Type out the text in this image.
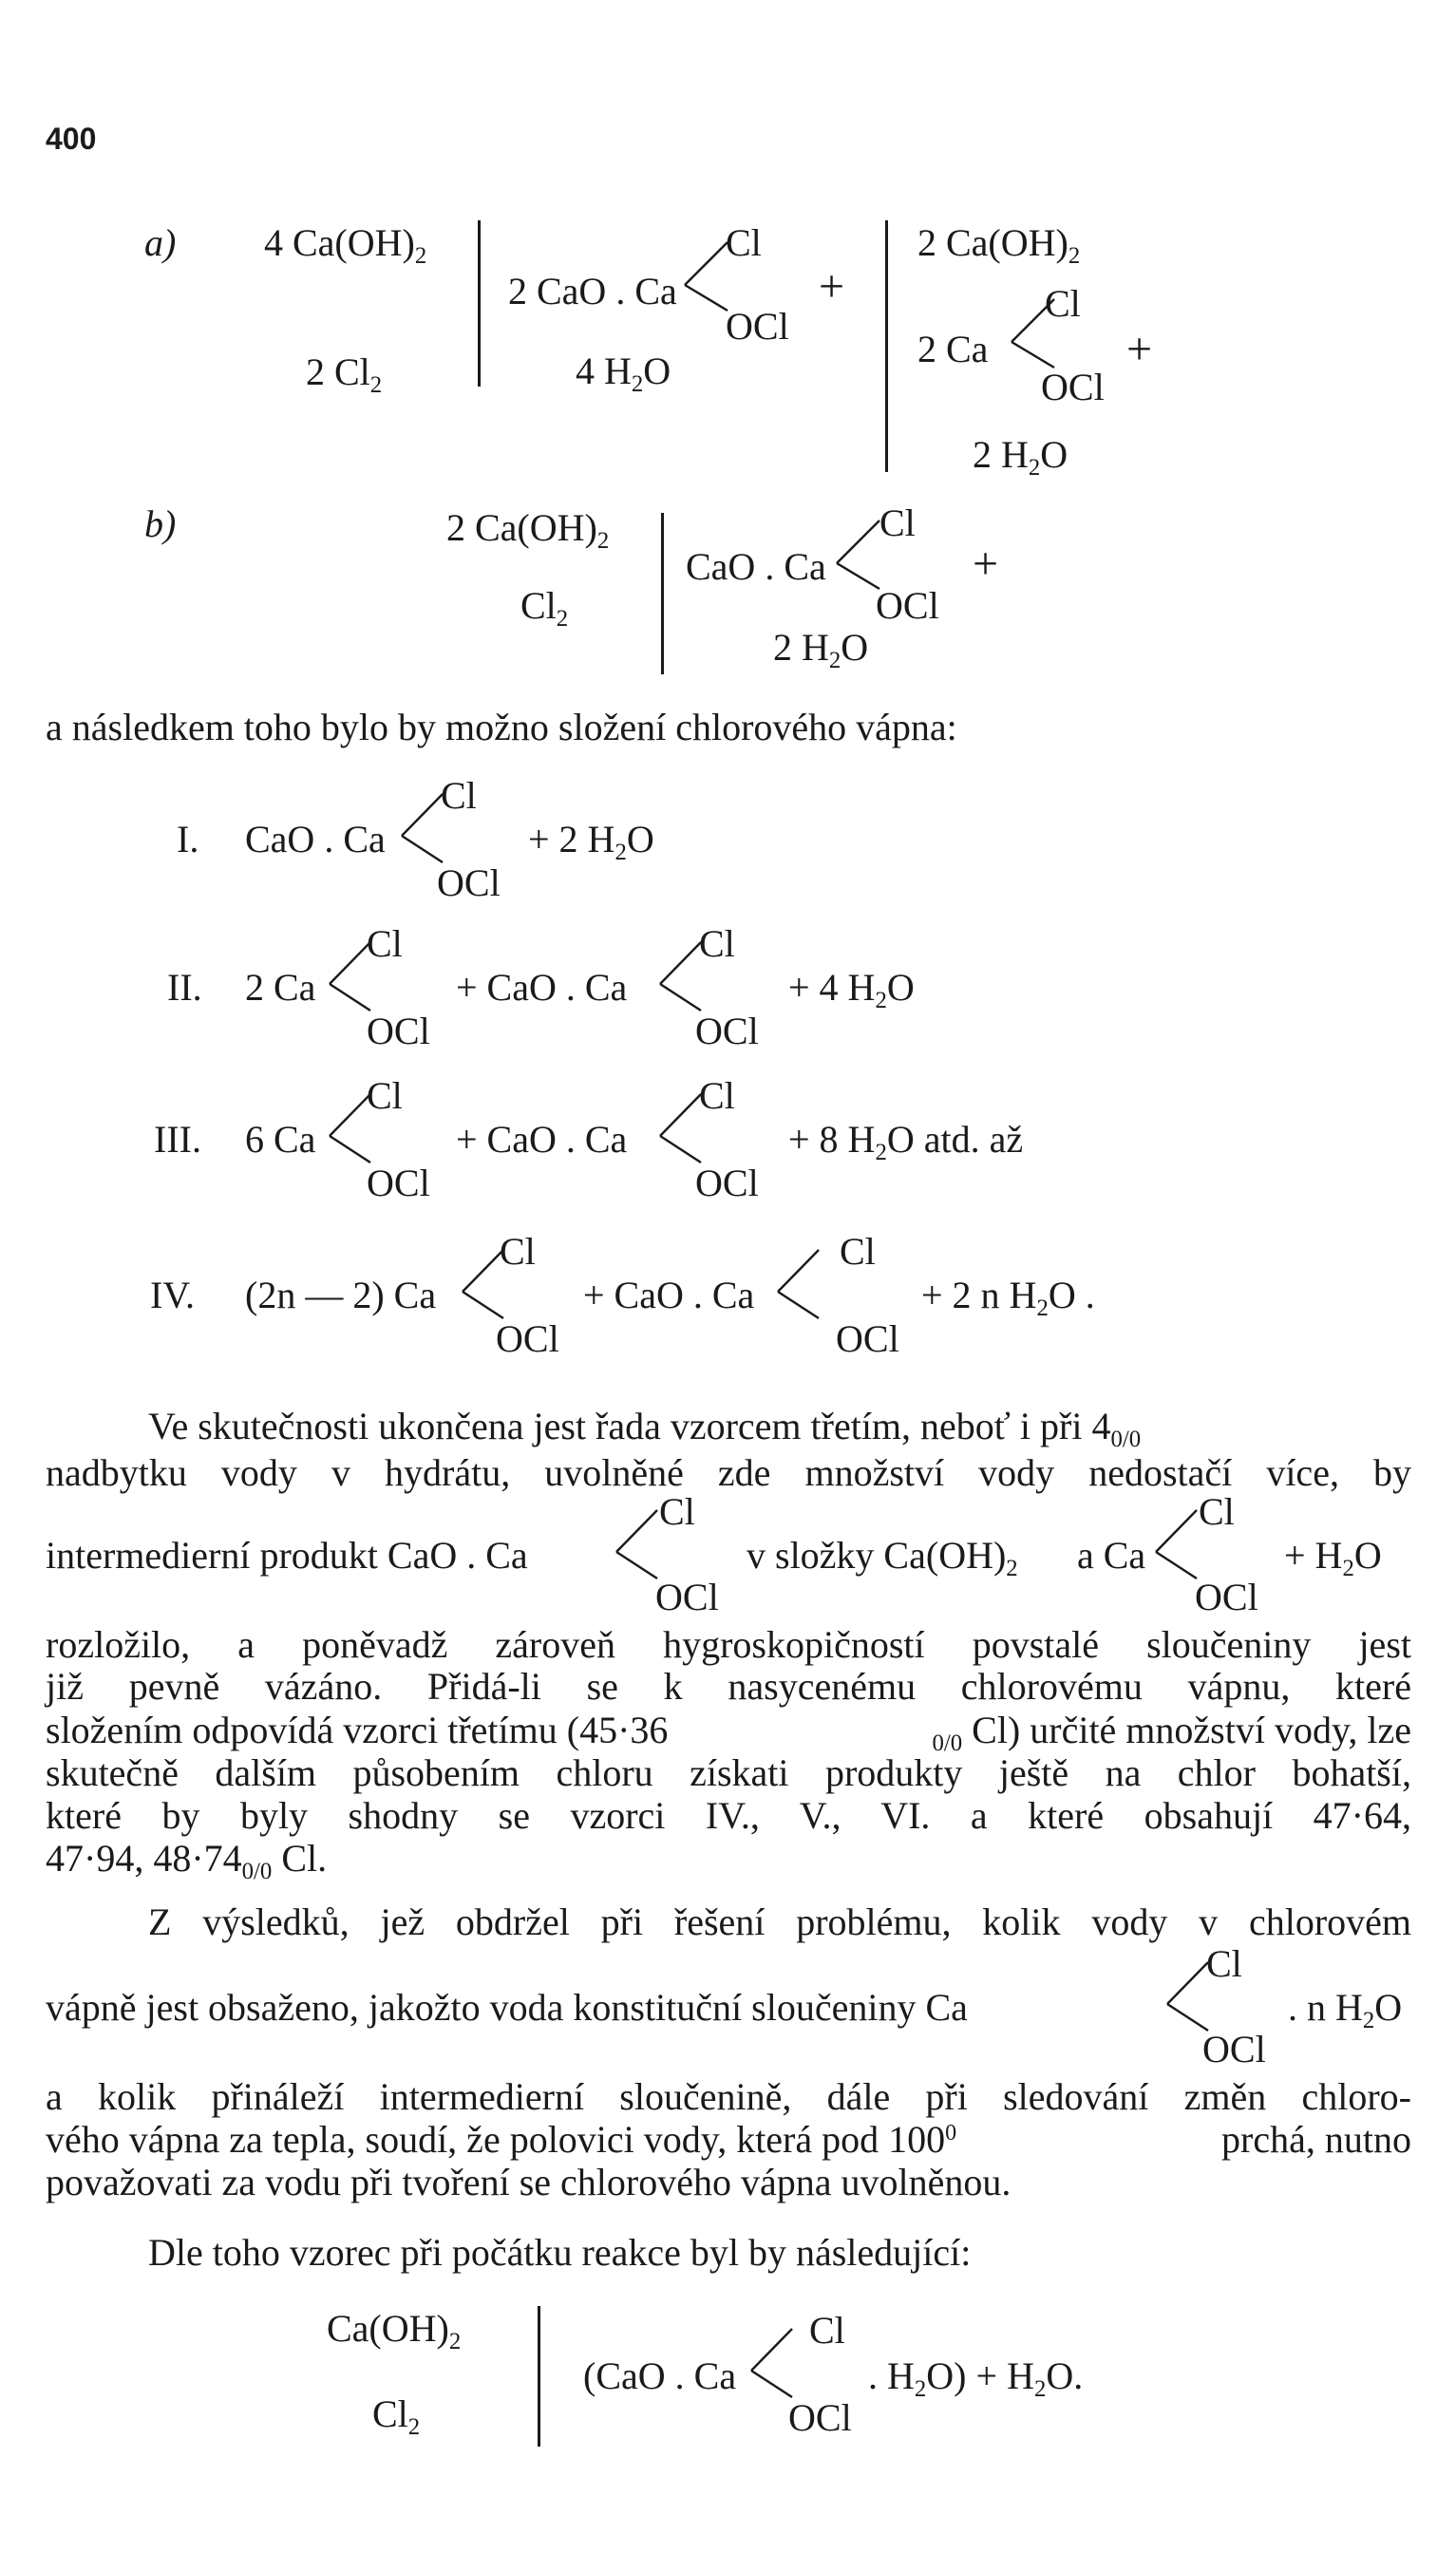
400
a) 4 Ca(OH)2
2 Cl2
2 CaO . Ca
Cl
OCl
+
4 H2O
2 Ca(OH)2
2 Ca
Cl
OCl
+
2 H2O
b)	2 Ca(OH)2
Cl2
CaO . Ca
Cl
OCl
+
2 H2O
a následkem toho bylo by možno složení chlorového vápna:
I. CaO . Ca
Cl
OCl
+ 2 H2O
II. 2 Ca
Cl
OCl
+ CaO . Ca
Cl
OCl
+ 4 H2O
III. 6 Ca
Cl
OCl
+ CaO . Ca
Cl
OCl
+ 8 H2O atd. až
IV. (2n — 2) Ca
Cl
OCl
+ CaO . Ca
Cl
OCl
+ 2 n H2O .
Ve skutečnosti ukončena jest řada vzorcem třetím, neboť i při 40/0
nadbytku vody v hydrátu, uvolněné zde množství vody nedostačí více, by
intermedierní produkt CaO . Ca
Cl
OCl
v složky Ca(OH)2 a Ca
Cl
OCl
+ H2O
rozložilo, a poněvadž zároveň hygroskopičností povstalé sloučeniny jest
již pevně vázáno. Přidá-li se k nasycenému chlorovému vápnu, které
složením odpovídá vzorci třetímu (45·36	0/0 Cl) určité množství vody, lze
skutečně dalším působením chloru získati produkty ještě na chlor bohatší,
které by byly shodny se vzorci IV., V., VI. a které obsahují 47·64,
47·94, 48·740/0 Cl.
Z výsledků, jež obdržel při řešení problému, kolik vody v chlorovém
vápně jest obsaženo, jakožto voda konstituční sloučeniny Ca
Cl
OCl
. n H2O
a kolik přináleží intermedierní sloučenině, dále při sledování změn chloro-
vého vápna za tepla, soudí, že polovici vody, která pod $100^0$	prchá, nutno
považovati za vodu při tvoření se chlorového vápna uvolněnou.
Dle toho vzorec při počátku reakce byl by následující:
Ca(OH)2
Cl2
(CaO . Ca
Cl
OCl
. H2O) + H2O.
